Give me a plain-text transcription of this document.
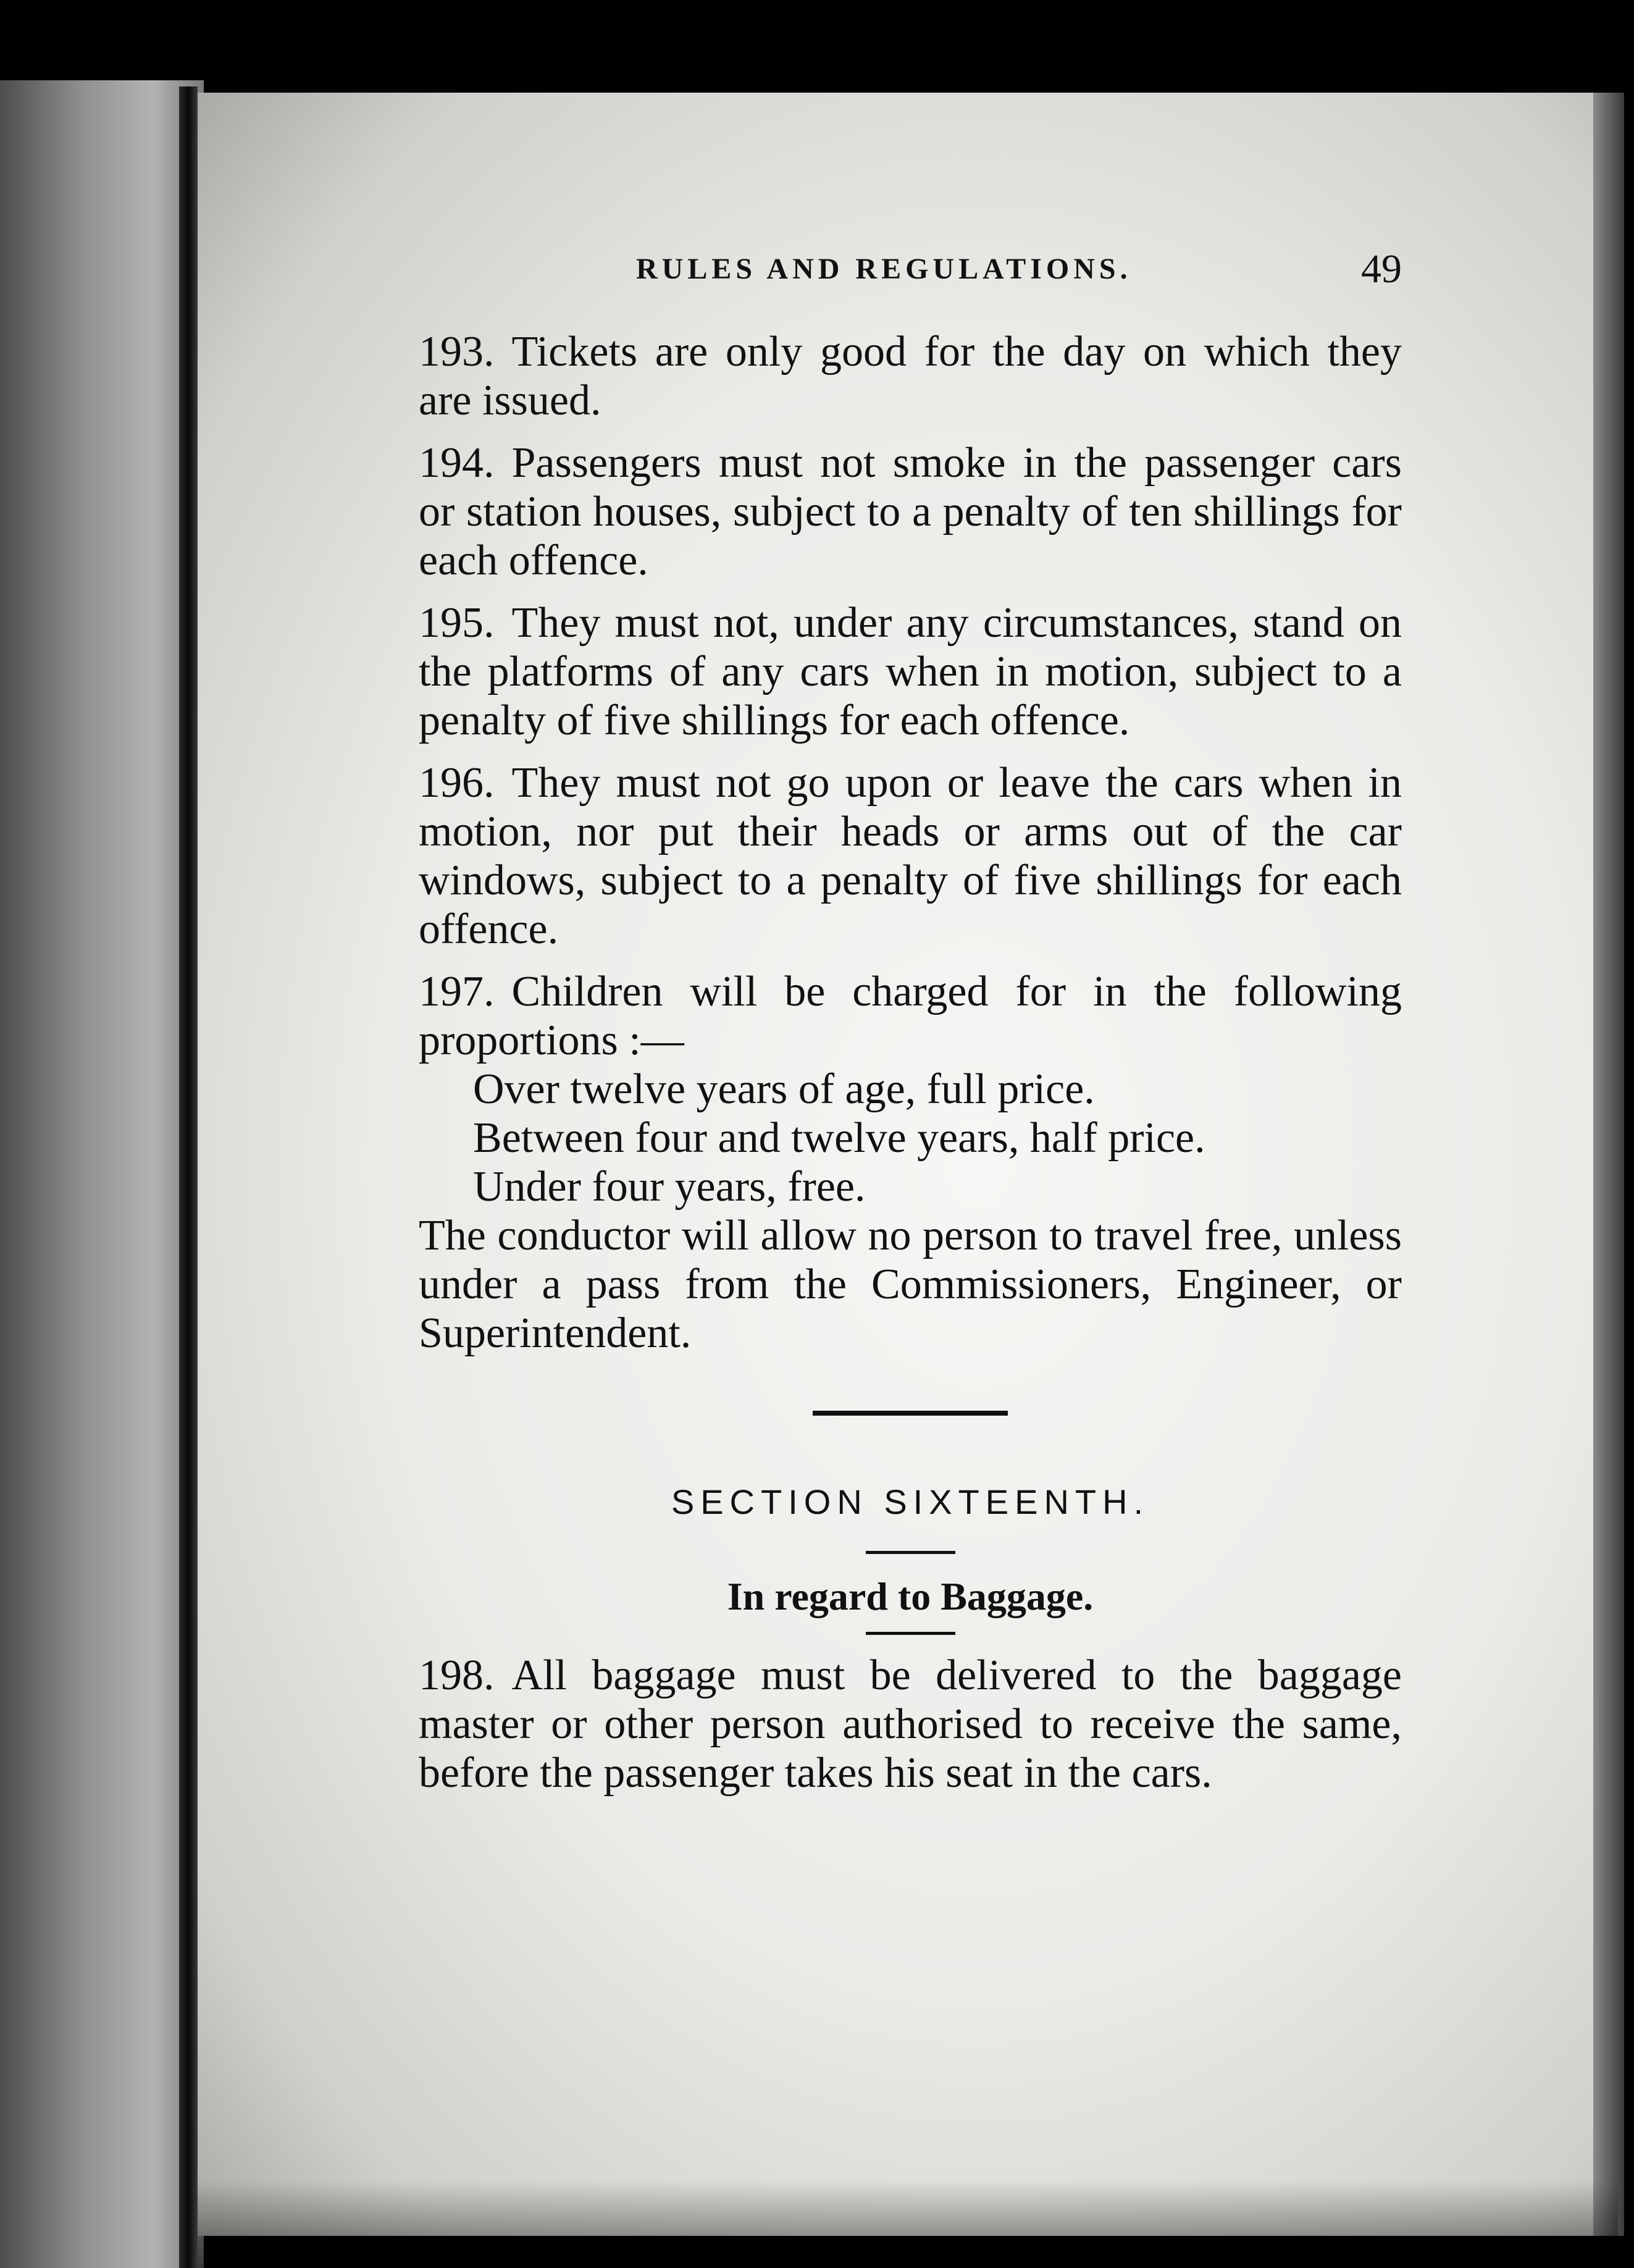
RULES AND REGULATIONS.	49

193. Tickets are only good for the day on which they are issued.

194. Passengers must not smoke in the passenger cars or station houses, subject to a penalty of ten shillings for each offence.

195. They must not, under any circumstances, stand on the platforms of any cars when in motion, subject to a penalty of five shillings for each offence.

196. They must not go upon or leave the cars when in motion, nor put their heads or arms out of the car windows, subject to a penalty of five shillings for each offence.

197. Children will be charged for in the following proportions :—

Over twelve years of age, full price.
Between four and twelve years, half price.
Under four years, free.

The conductor will allow no person to travel free, unless under a pass from the Commissioners, Engineer, or Superintendent.

SECTION SIXTEENTH.
In regard to Baggage.

198. All baggage must be delivered to the baggage master or other person authorised to receive the same, before the passenger takes his seat in the cars.
